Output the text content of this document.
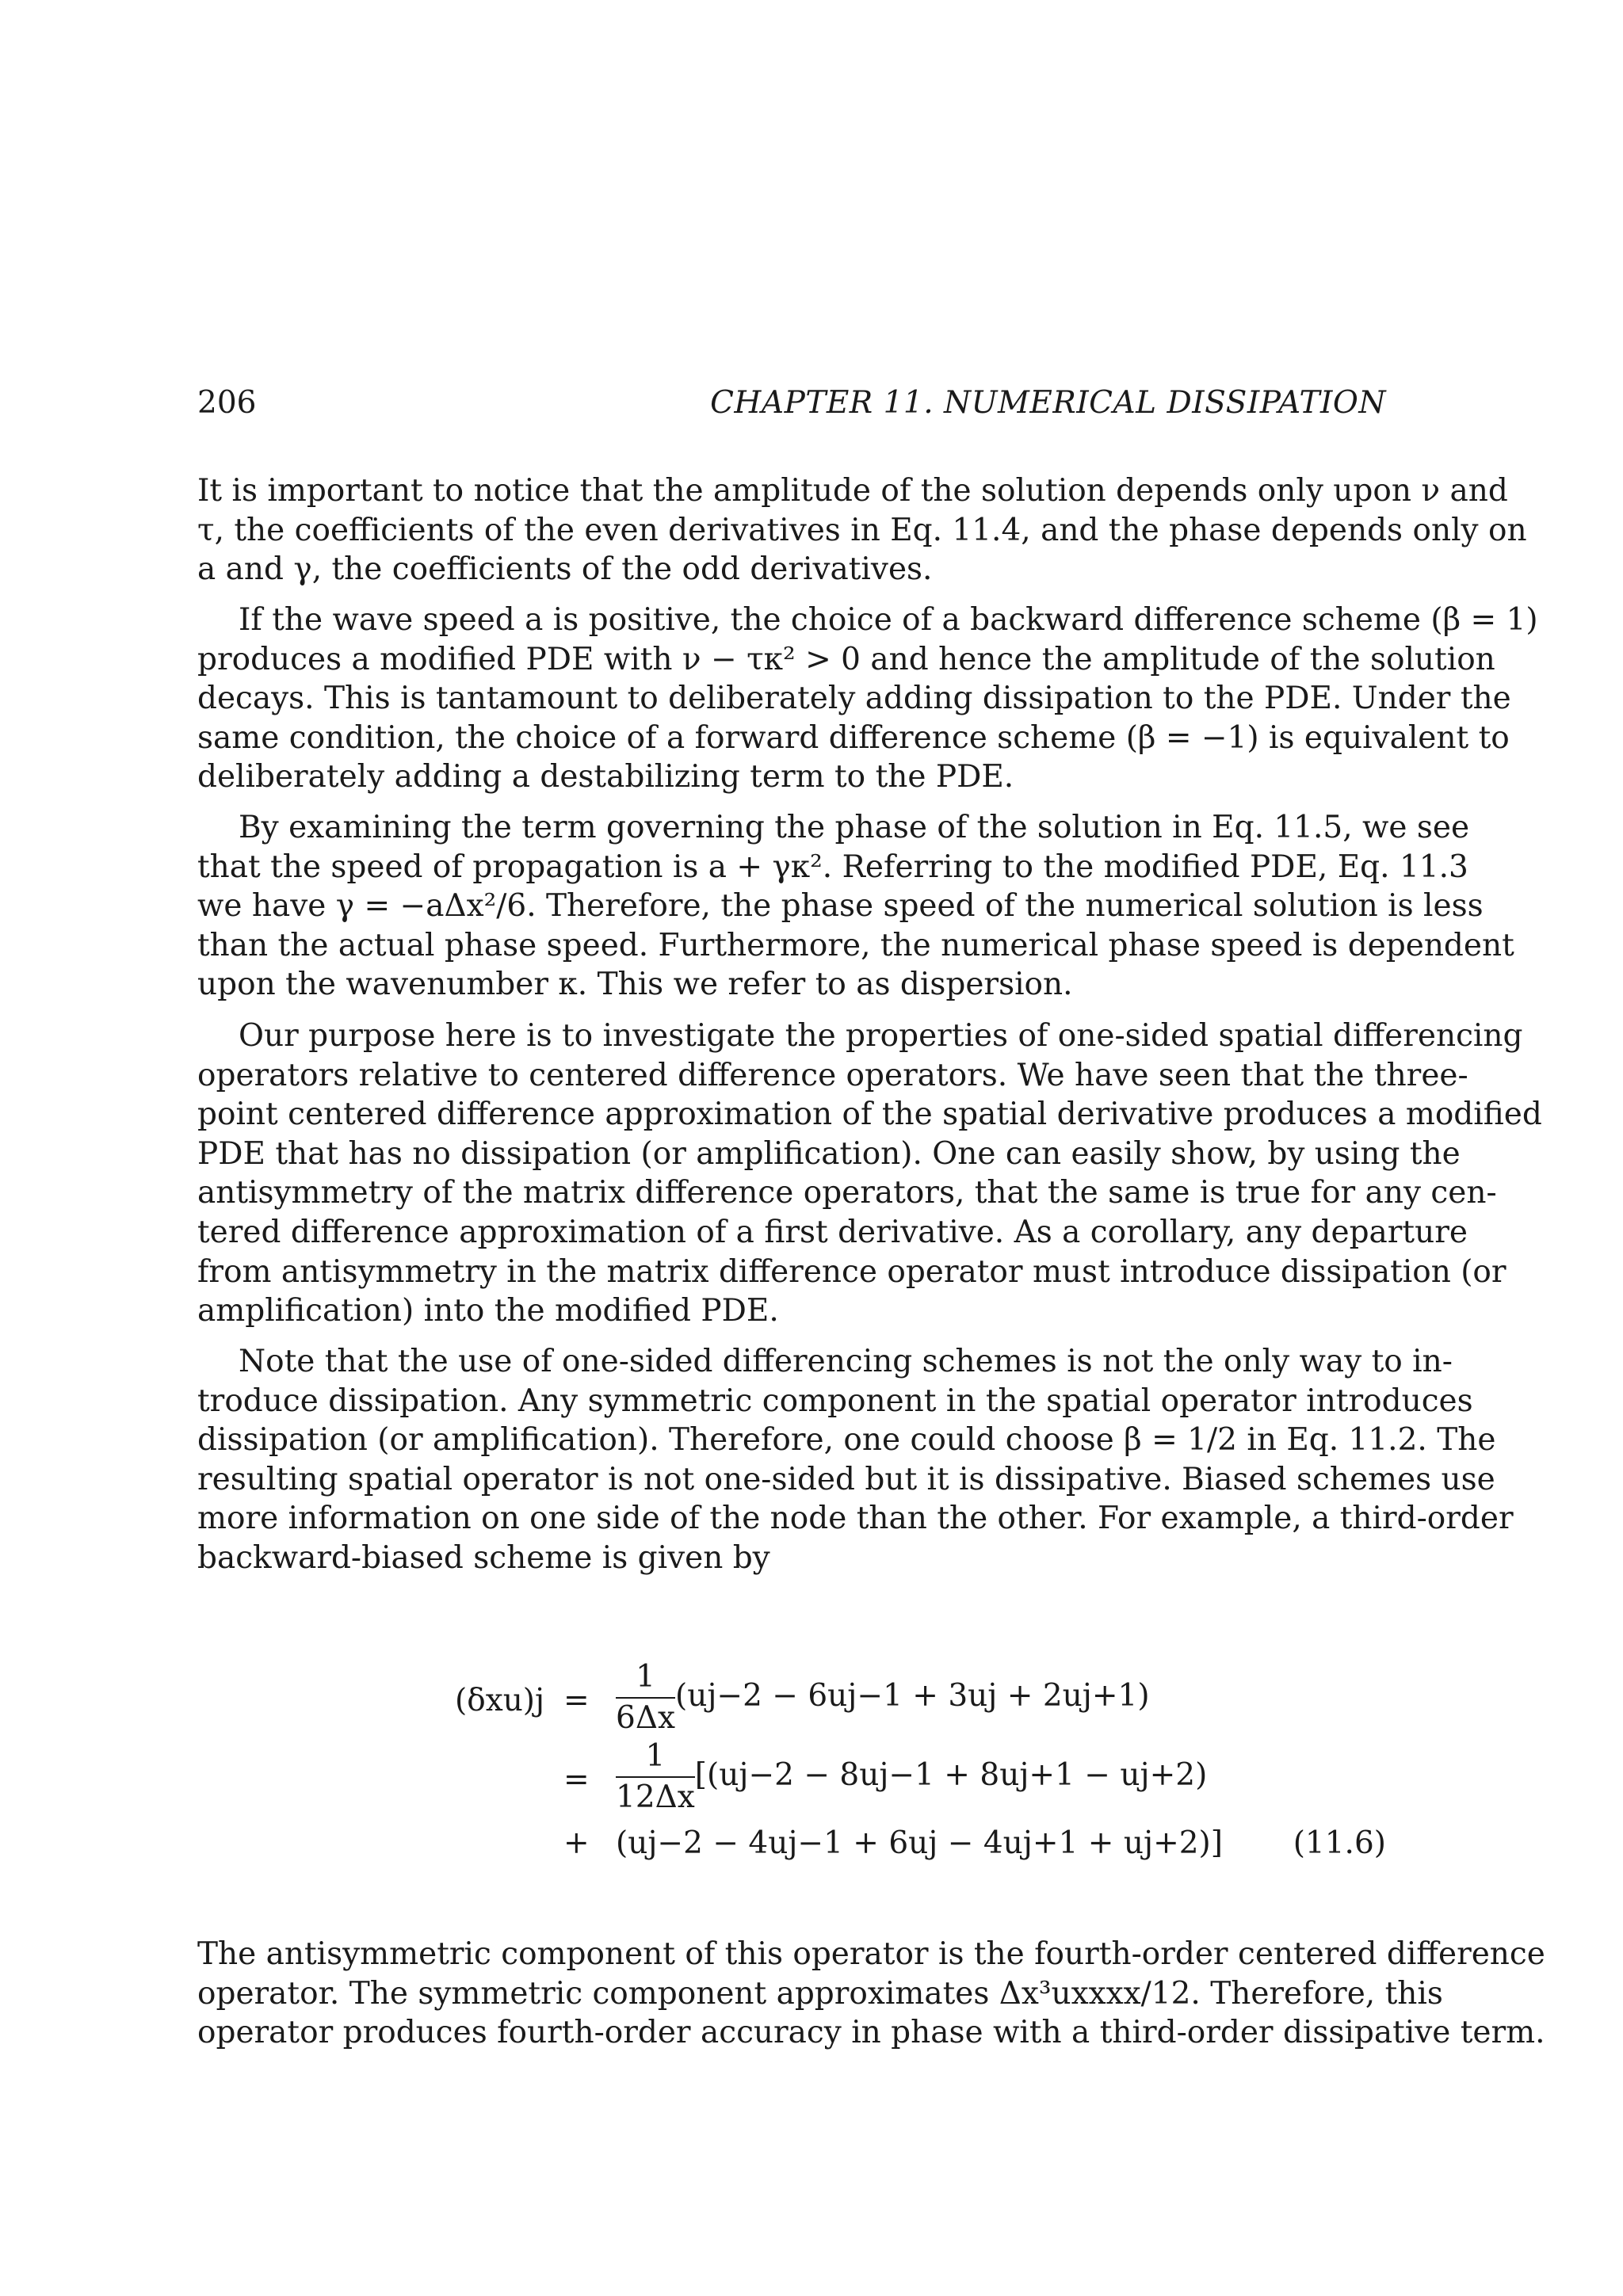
206	CHAPTER 11. NUMERICAL DISSIPATION
It is important to notice that the amplitude of the solution depends only upon ν and
τ, the coefficients of the even derivatives in Eq. 11.4, and the phase depends only on
a and γ, the coefficients of the odd derivatives.
If the wave speed a is positive, the choice of a backward difference scheme (β = 1)
produces a modified PDE with ν − τκ² > 0 and hence the amplitude of the solution
decays. This is tantamount to deliberately adding dissipation to the PDE. Under the
same condition, the choice of a forward difference scheme (β = −1) is equivalent to
deliberately adding a destabilizing term to the PDE.
By examining the term governing the phase of the solution in Eq. 11.5, we see
that the speed of propagation is a + γκ². Referring to the modified PDE, Eq. 11.3
we have γ = −aΔx²/6. Therefore, the phase speed of the numerical solution is less
than the actual phase speed. Furthermore, the numerical phase speed is dependent
upon the wavenumber κ. This we refer to as dispersion.
Our purpose here is to investigate the properties of one-sided spatial differencing
operators relative to centered difference operators. We have seen that the three-
point centered difference approximation of the spatial derivative produces a modified
PDE that has no dissipation (or amplification). One can easily show, by using the
antisymmetry of the matrix difference operators, that the same is true for any cen-
tered difference approximation of a first derivative. As a corollary, any departure
from antisymmetry in the matrix difference operator must introduce dissipation (or
amplification) into the modified PDE.
Note that the use of one-sided differencing schemes is not the only way to in-
troduce dissipation. Any symmetric component in the spatial operator introduces
dissipation (or amplification). Therefore, one could choose β = 1/2 in Eq. 11.2. The
resulting spatial operator is not one-sided but it is dissipative. Biased schemes use
more information on one side of the node than the other. For example, a third-order
backward-biased scheme is given by
$(\delta xu)j = \frac{1}{6\Delta x} (uj-2 - 6uj-1 + 3uj + 2uj+1)$
= $\frac{1}{12\Delta x} [(uj-2 - 8uj-1 + 8uj+1 - uj+2)$
+ (uj−2 − 4uj−1 + 6uj − 4uj+1 + uj+2)] (11.6)
The antisymmetric component of this operator is the fourth-order centered difference
operator. The symmetric component approximates Δx³uxxxx/12. Therefore, this
operator produces fourth-order accuracy in phase with a third-order dissipative term.
